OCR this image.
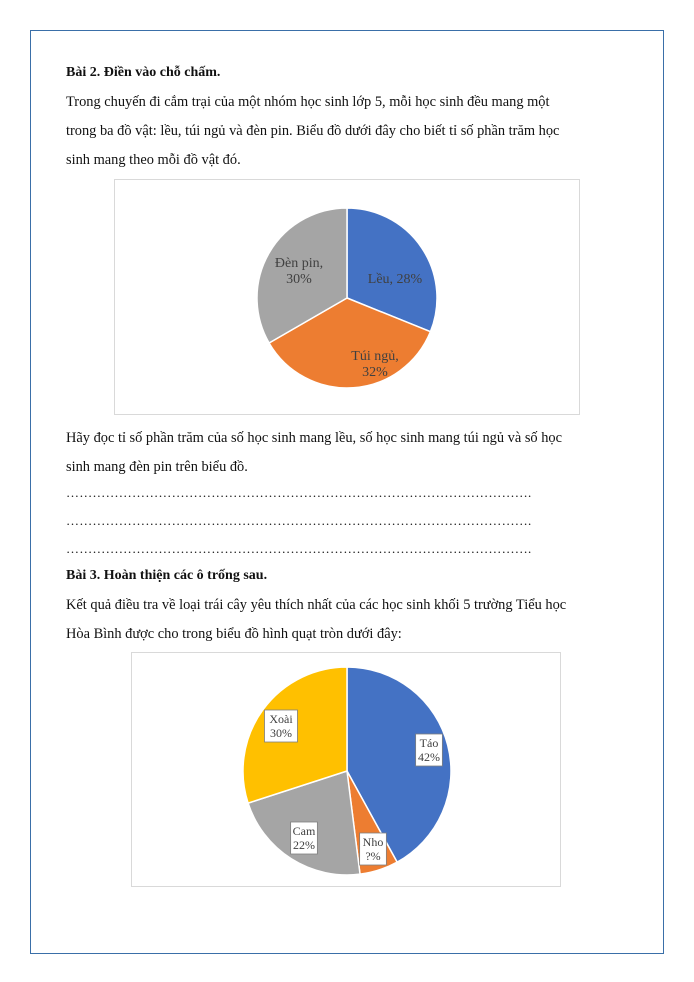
Bài 2. Điền vào chỗ chấm.

Trong chuyến đi cắm trại của một nhóm học sinh lớp 5, mỗi học sinh đều mang một

trong ba đồ vật: lều, túi ngủ và đèn pin. Biểu đồ dưới đây cho biết tỉ số phần trăm học

sinh mang theo mỗi đồ vật đó.

Lều, 28%
Túi ngủ, 32%
Đèn pin, 30%

Hãy đọc tỉ số phần trăm của số học sinh mang lều, số học sinh mang túi ngủ và số học

sinh mang đèn pin trên biểu đồ.

…………………………………………………………………………………………….
…………………………………………………………………………………………….
…………………………………………………………………………………………….

Bài 3. Hoàn thiện các ô trống sau.

Kết quả điều tra về loại trái cây yêu thích nhất của các học sinh khối 5 trường Tiểu học

Hòa Bình được cho trong biểu đồ hình quạt tròn dưới đây:

Táo 42%
Nho ?%
Cam 22%
Xoài 30%
